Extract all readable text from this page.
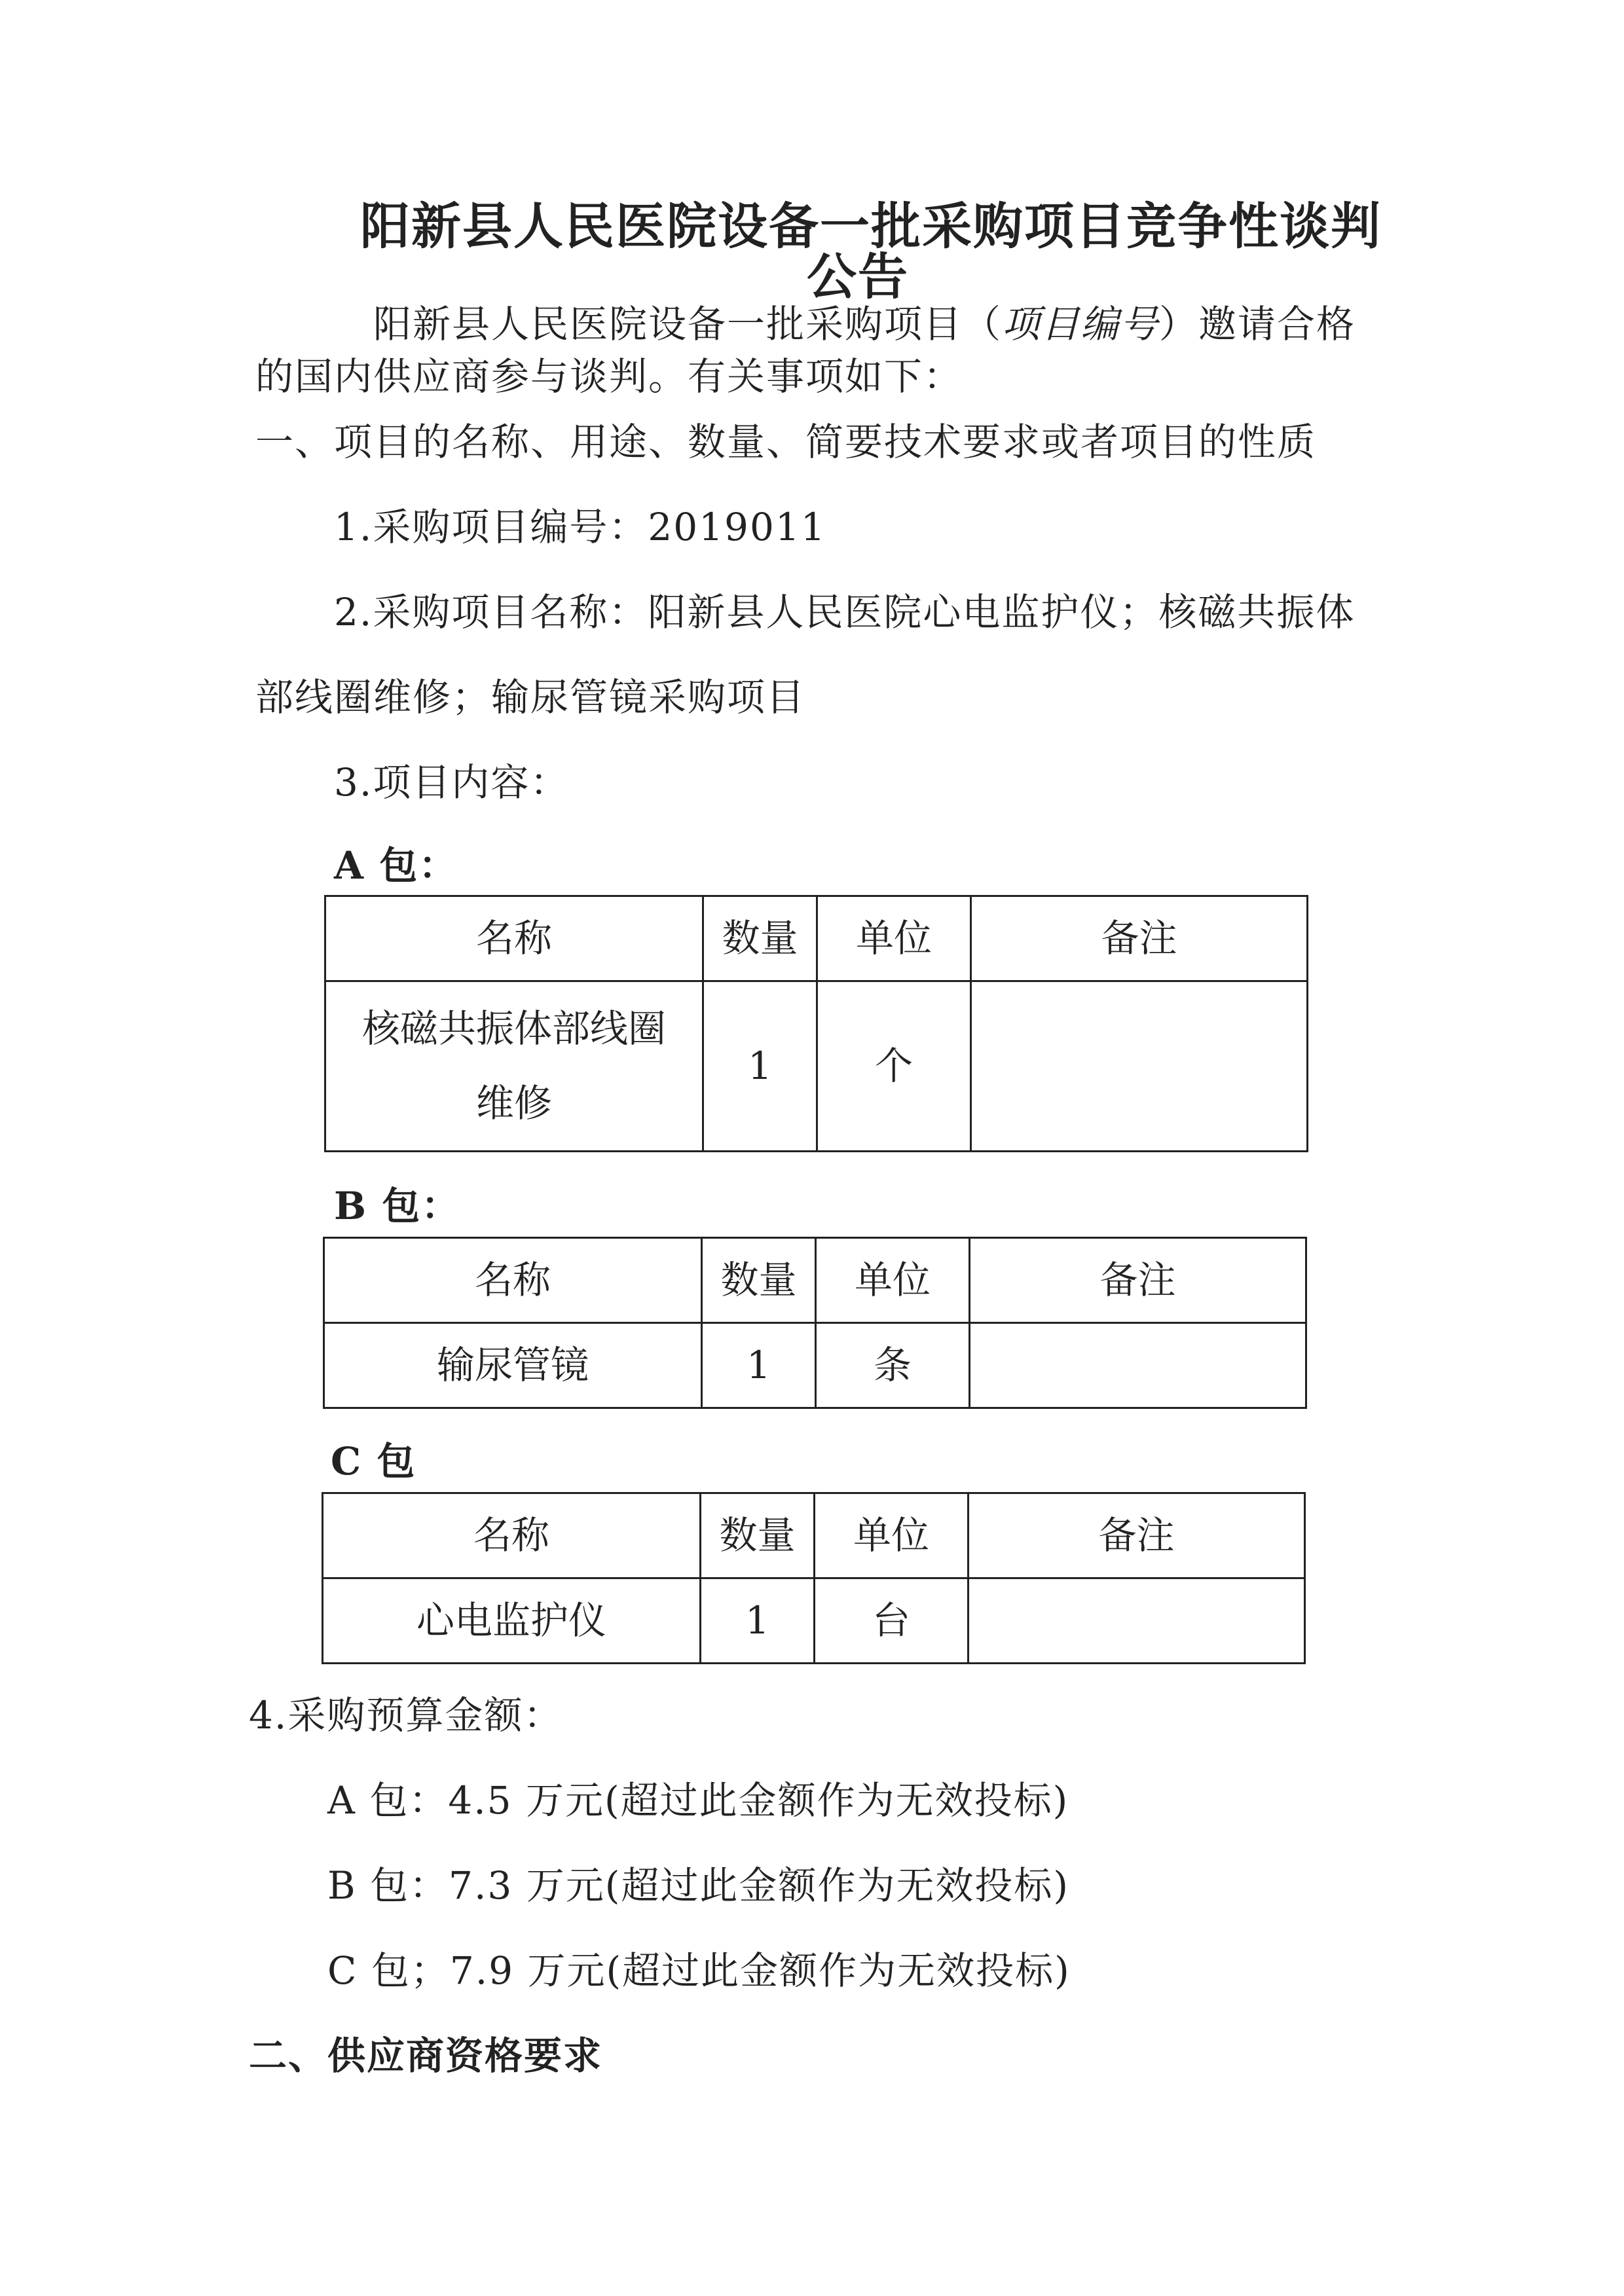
阳新县人民医院设备一批采购项目竞争性谈判
公告
阳新县人民医院设备一批采购项目（项目编号）邀请合格
的国内供应商参与谈判。有关事项如下：
一、项目的名称、用途、数量、简要技术要求或者项目的性质
1.采购项目编号：2019011
2.采购项目名称：阳新县人民医院心电监护仪；核磁共振体
部线圈维修；输尿管镜采购项目
3.项目内容：
A 包：
名称	数量	单位	备注

核磁共振体部线圈
维修	1	个	
B 包：
名称	数量	单位	备注
输尿管镜	1	条	
C 包
名称	数量	单位	备注
心电监护仪	1	台	
4.采购预算金额：
A 包：4.5 万元(超过此金额作为无效投标)
B 包：7.3 万元(超过此金额作为无效投标)
C 包；7.9 万元(超过此金额作为无效投标)
二、供应商资格要求
